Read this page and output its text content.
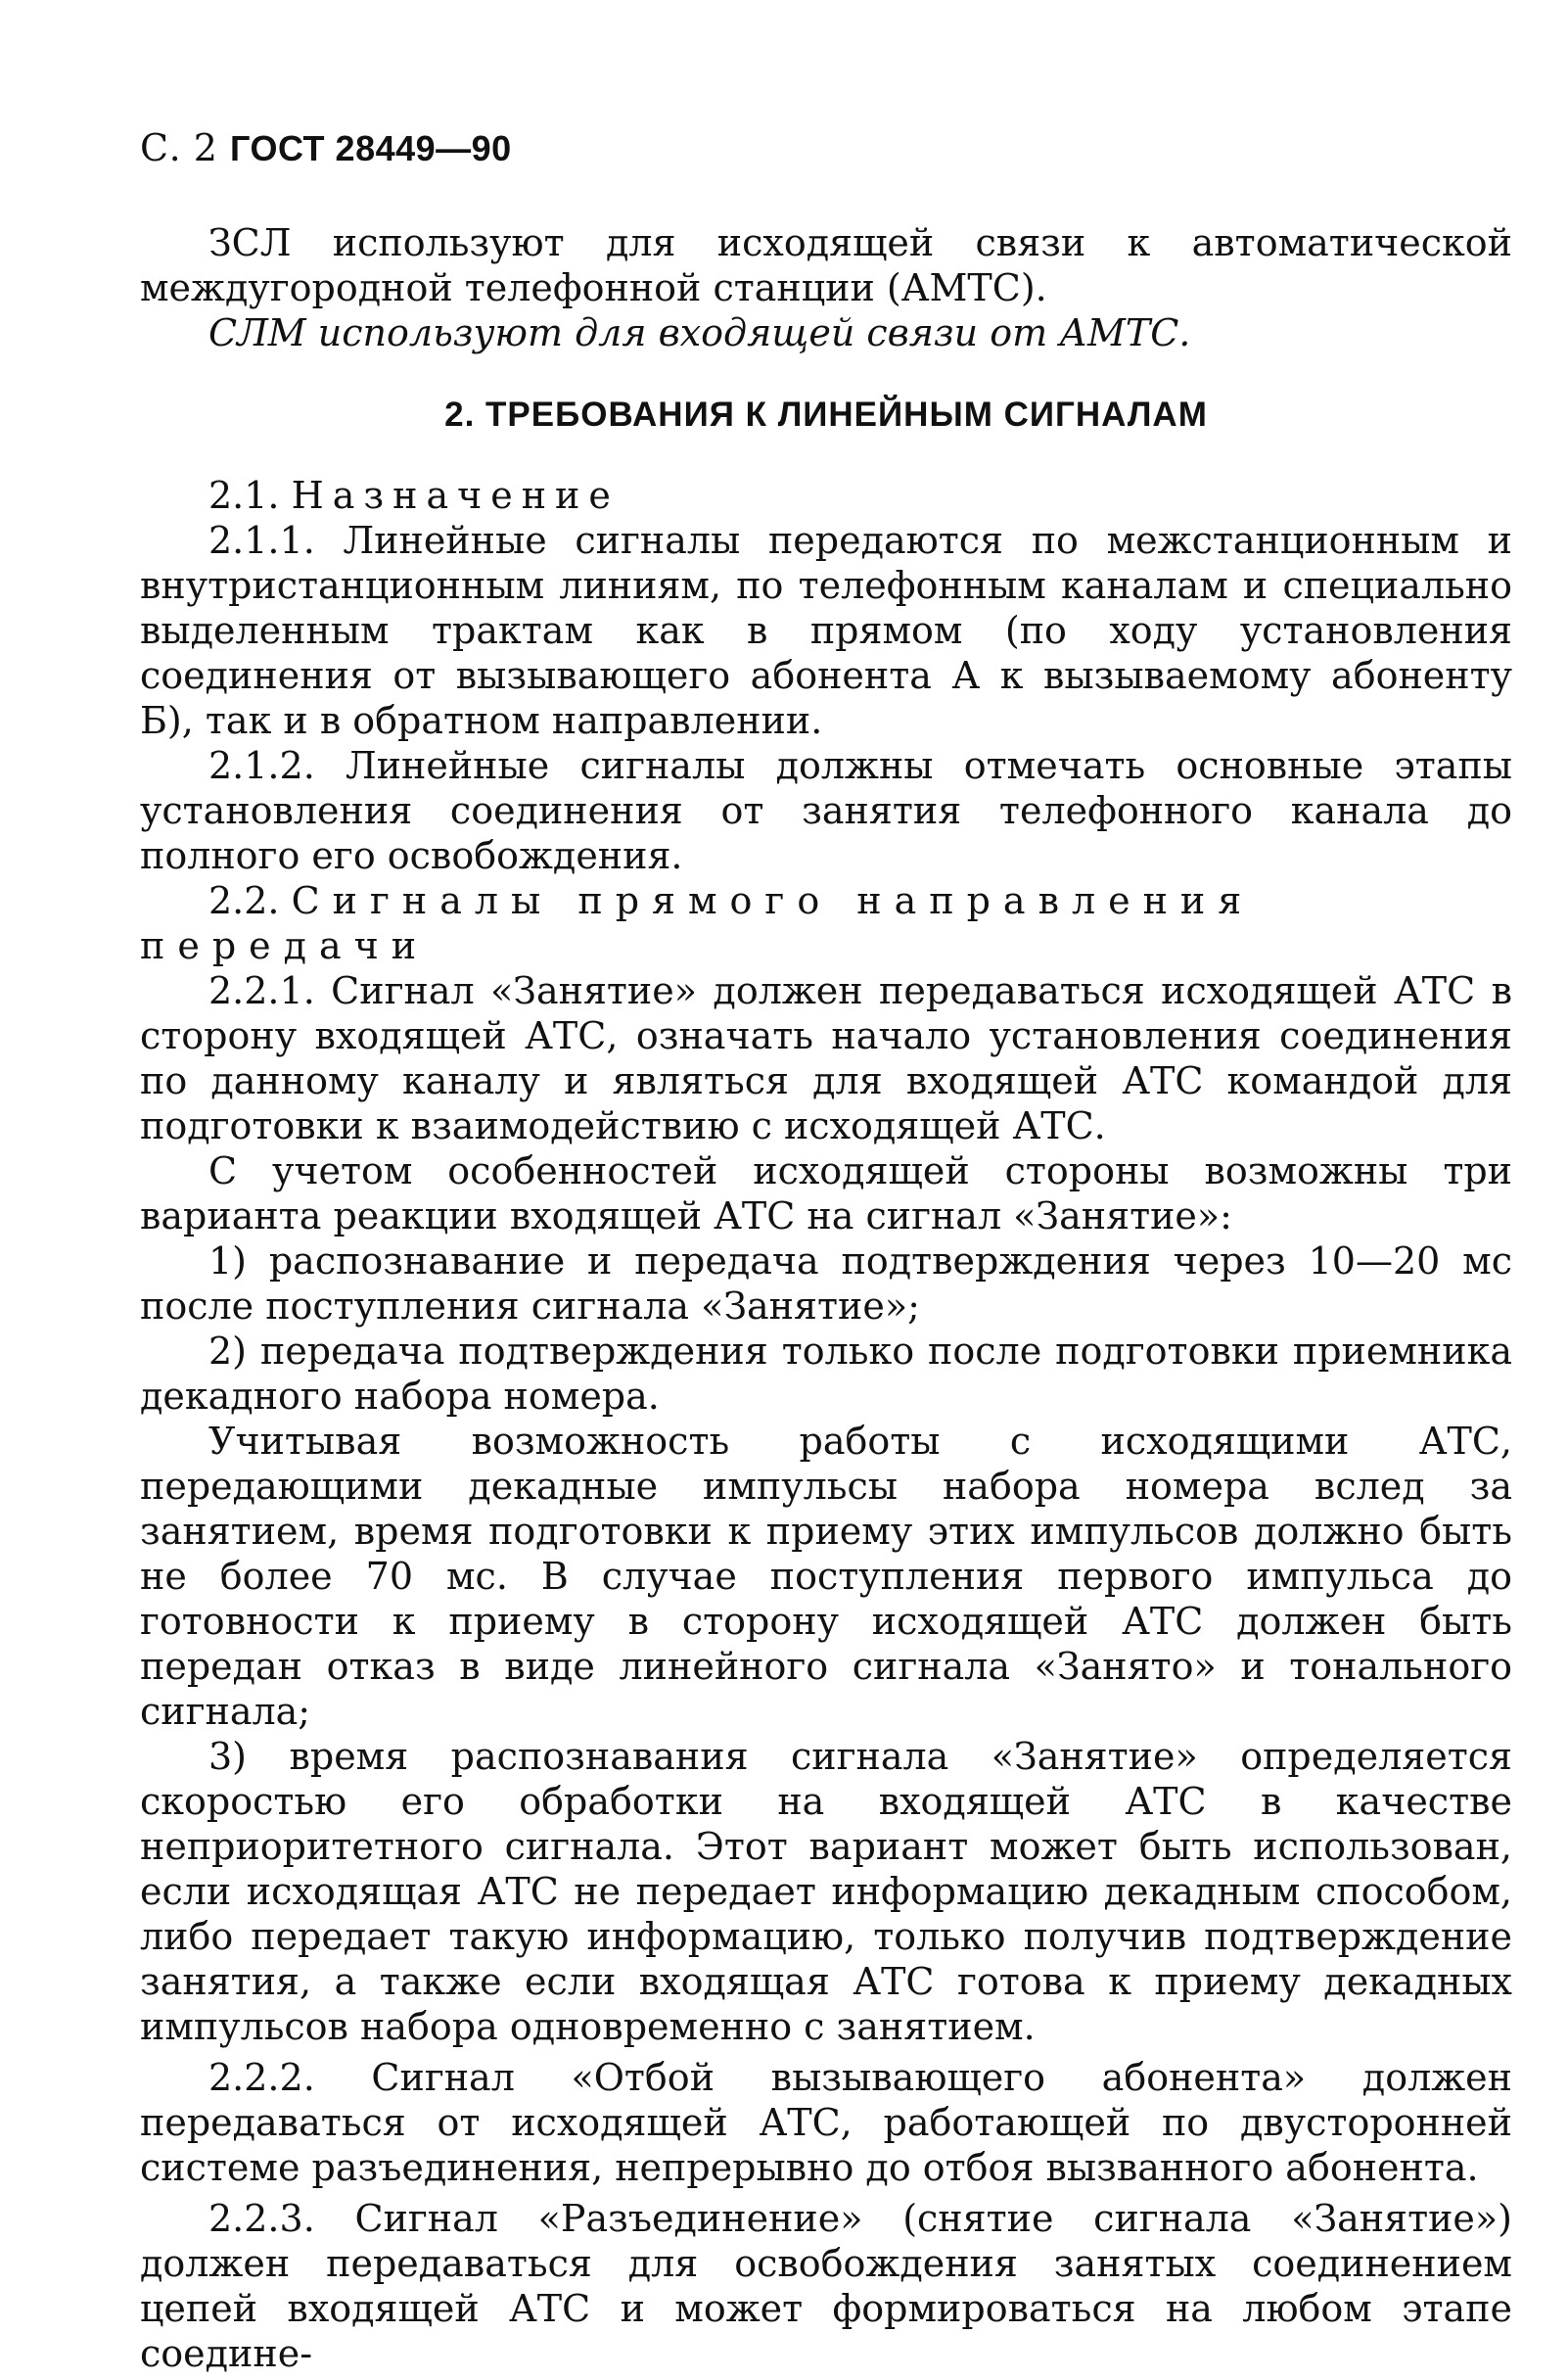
С. 2 ГОСТ 28449—90

ЗСЛ используют для исходящей связи к автоматической междугородной телефонной станции (АМТС).

СЛМ используют для входящей связи от АМТС.

2. ТРЕБОВАНИЯ К ЛИНЕЙНЫМ СИГНАЛАМ

2.1. Назначение

2.1.1. Линейные сигналы передаются по межстанционным и внутристанционным линиям, по телефонным каналам и специально выделенным трактам как в прямом (по ходу установления соединения от вызывающего абонента А к вызываемому абоненту Б), так и в обратном направлении.

2.1.2. Линейные сигналы должны отмечать основные этапы установления соединения от занятия телефонного канала до полного его освобождения.

2.2. Сигналы прямого направления передачи

2.2.1. Сигнал «Занятие» должен передаваться исходящей АТС в сторону входящей АТС, означать начало установления соединения по данному каналу и являться для входящей АТС командой для подготовки к взаимодействию с исходящей АТС.

С учетом особенностей исходящей стороны возможны три варианта реакции входящей АТС на сигнал «Занятие»:

1) распознавание и передача подтверждения через 10—20 мс после поступления сигнала «Занятие»;

2) передача подтверждения только после подготовки приемника декадного набора номера.

Учитывая возможность работы с исходящими АТС, передающими декадные импульсы набора номера вслед за занятием, время подготовки к приему этих импульсов должно быть не более 70 мс. В случае поступления первого импульса до готовности к приему в сторону исходящей АТС должен быть передан отказ в виде линейного сигнала «Занято» и тонального сигнала;

3) время распознавания сигнала «Занятие» определяется скоростью его обработки на входящей АТС в качестве неприоритетного сигнала. Этот вариант может быть использован, если исходящая АТС не передает информацию декадным способом, либо передает такую информацию, только получив подтверждение занятия, а также если входящая АТС готова к приему декадных импульсов набора одновременно с занятием.

2.2.2. Сигнал «Отбой вызывающего абонента» должен передаваться от исходящей АТС, работающей по двусторонней системе разъединения, непрерывно до отбоя вызванного абонента.

2.2.3. Сигнал «Разъединение» (снятие сигнала «Занятие») должен передаваться для освобождения занятых соединением цепей входящей АТС и может формироваться на любом этапе соедине-
